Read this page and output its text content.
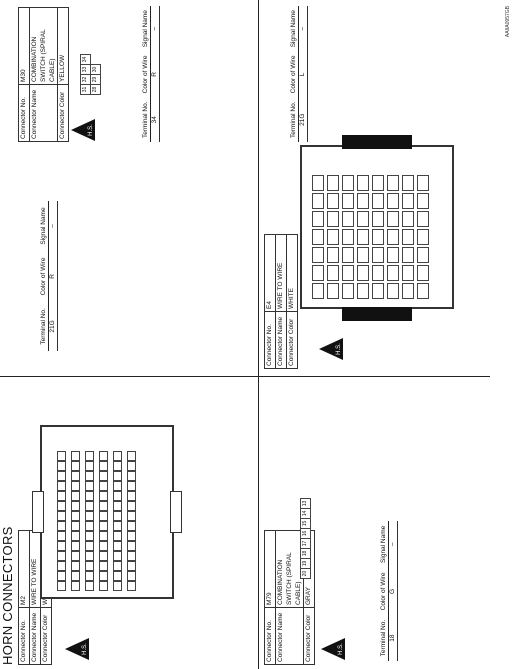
HORN CONNECTORS Connector No.	M2
Connector Name	WIRE TO WIRE
Connector Color		H.S.
Terminal No.	Color of Wire	Signal Name
21G	R	–
Connector No.	M79
Connector Name	COMBINATION SWITCH (SPIRAL CABLE)
Connector Color	GRAY
H.S.
20
19
18
17
16
15
14
13
Terminal No.	Color of Wire	Signal Name
18	G	–
Connector No.	M30
Connector Name	COMBINATION SWITCH (SPIRAL CABLE)
Connector Color	YELLOW
H.S.
31
32
33
34
28
29
30
Terminal No.	Color of Wire	Signal Name
34	R	–
Connector No.	E4
Connector Name	WIRE TO WIRE
Connector Color	WHITE
H.S.
Terminal No.	Color of Wire	Signal Name
21G	L	–	AAIIA0957GB
